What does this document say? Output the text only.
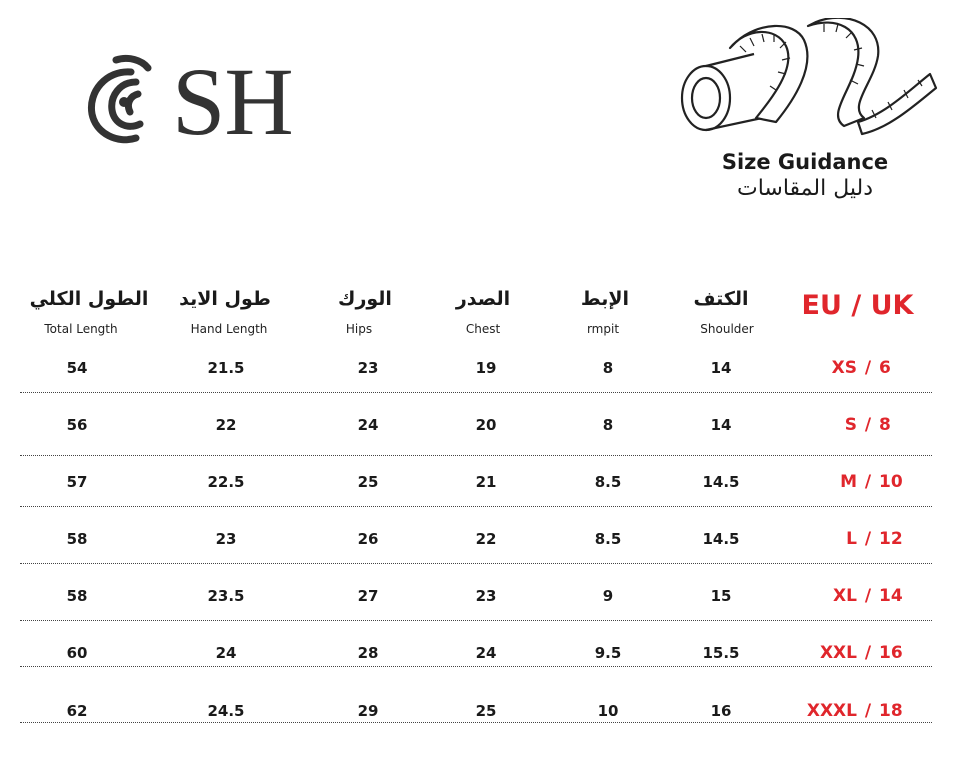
SH
Size Guidance
دليل المقاسات
EU / UK
الكتف
Shoulder
الإبط
rmpit
الصدر
Chest
الورك
Hips
طول الايد
Hand Length
الطول الكلي
Total Length
XS / 6
14
8
19
23
21.5
54
S / 8
14
8
20
24
22
56
M / 10
14.5
8.5
21
25
22.5
57
L / 12
14.5
8.5
22
26
23
58
XL / 14
15
9
23
27
23.5
58
XXL / 16
15.5
9.5
24
28
24
60
XXXL / 18
16
10
25
29
24.5
62
